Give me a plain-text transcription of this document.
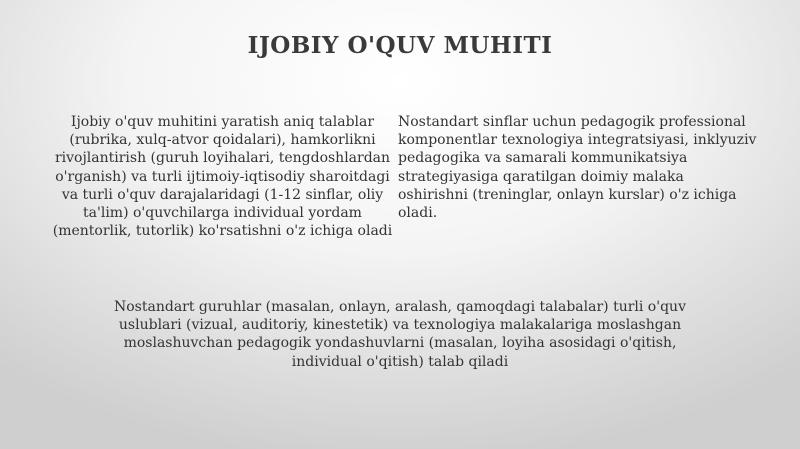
IJOBIY O'QUV MUHITI

Ijobiy o'quv muhitini yaratish aniq talablar (rubrika, xulq-atvor qoidalari), hamkorlikni rivojlantirish (guruh loyihalari, tengdoshlardan o'rganish) va turli ijtimoiy-iqtisodiy sharoitdagi va turli o'quv darajalaridagi (1-12 sinflar, oliy ta'lim) o'quvchilarga individual yordam (mentorlik, tutorlik) ko'rsatishni o'z ichiga oladi

Nostandart sinflar uchun pedagogik professional komponentlar texnologiya integratsiyasi, inklyuziv pedagogika va samarali kommunikatsiya strategiyasiga qaratilgan doimiy malaka oshirishni (treninglar, onlayn kurslar) o'z ichiga oladi.

Nostandart guruhlar (masalan, onlayn, aralash, qamoqdagi talabalar) turli o'quv uslublari (vizual, auditoriy, kinestetik) va texnologiya malakalariga moslashgan moslashuvchan pedagogik yondashuvlarni (masalan, loyiha asosidagi o'qitish, individual o'qitish) talab qiladi
